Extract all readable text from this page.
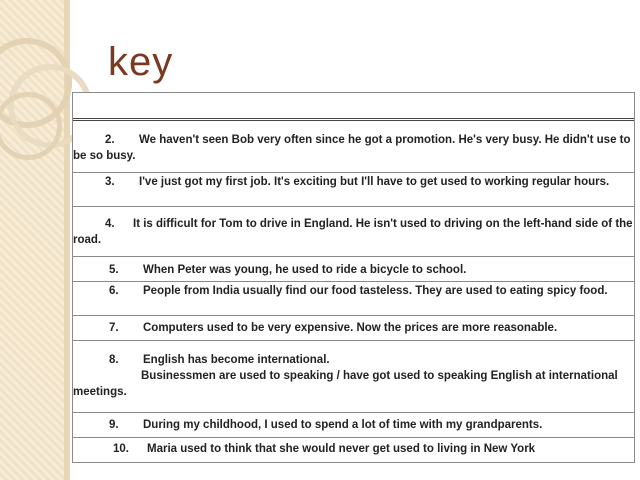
key
2. We haven't seen Bob very often since he got a promotion. He's very busy. He didn't use to be so busy.
3. I've just got my first job. It's exciting but I'll have to get used to working regular hours.
4. It is difficult for Tom to drive in England. He isn't used to driving on the left-hand side of the road.
5. When Peter was young, he used to ride a bicycle to school.
6. People from India usually find our food tasteless. They are used to eating spicy food.
7. Computers used to be very expensive. Now the prices are more reasonable.
8. English has become international.
Businessmen are used to speaking / have got used to speaking English at international meetings.
9. During my childhood, I used to spend a lot of time with my grandparents.
10. Maria used to think that she would never get used to living in New York
